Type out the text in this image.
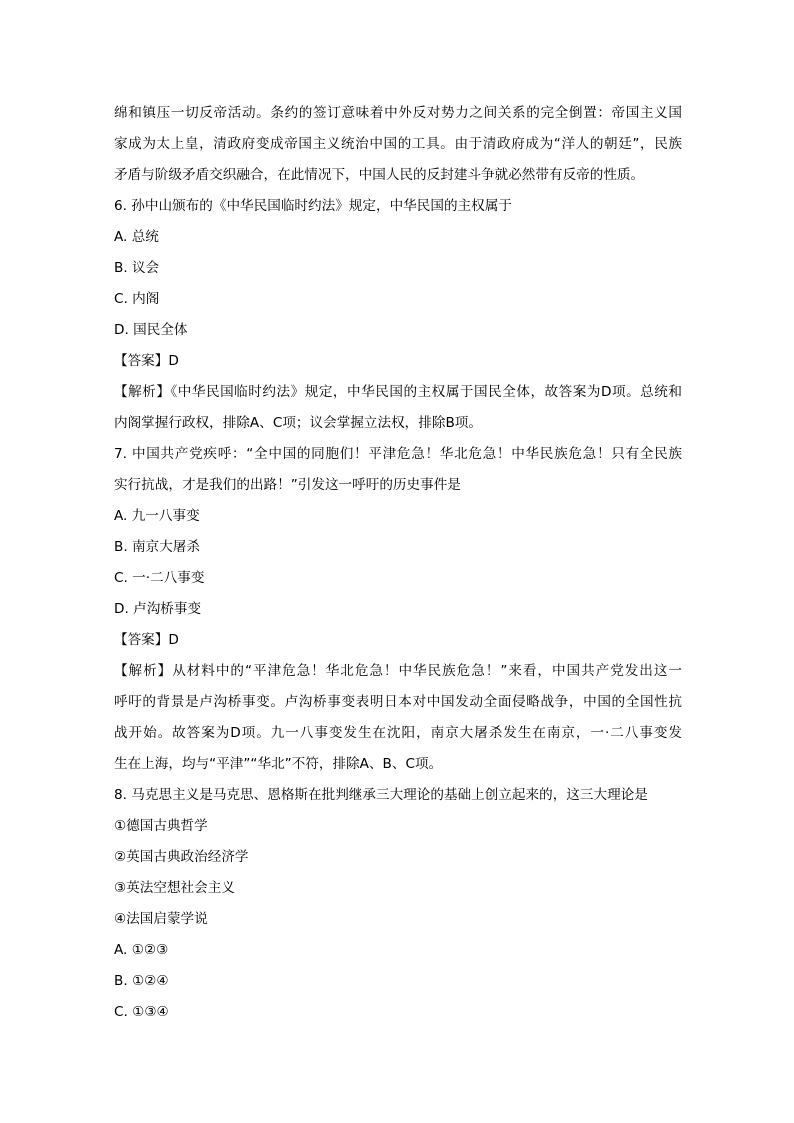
绵和镇压一切反帝活动。条约的签订意味着中外反对势力之间关系的完全倒置：帝国主义国
家成为太上皇，清政府变成帝国主义统治中国的工具。由于清政府成为“洋人的朝廷”，民族
矛盾与阶级矛盾交织融合，在此情况下，中国人民的反封建斗争就必然带有反帝的性质。
6. 孙中山颁布的《中华民国临时约法》规定，中华民国的主权属于
A. 总统
B. 议会
C. 内阁
D. 国民全体
【答案】D
【解析】《中华民国临时约法》规定，中华民国的主权属于国民全体，故答案为D项。总统和
内阁掌握行政权，排除A、C项；议会掌握立法权，排除B项。
7. 中国共产党疾呼：“全中国的同胞们！平津危急！华北危急！中华民族危急！只有全民族
实行抗战，才是我们的出路！”引发这一呼吁的历史事件是
A. 九一八事变
B. 南京大屠杀
C. 一·二八事变
D. 卢沟桥事变
【答案】D
【解析】从材料中的“平津危急！华北危急！中华民族危急！”来看，中国共产党发出这一
呼吁的背景是卢沟桥事变。卢沟桥事变表明日本对中国发动全面侵略战争，中国的全国性抗
战开始。故答案为D项。九一八事变发生在沈阳，南京大屠杀发生在南京，一·二八事变发
生在上海，均与“平津”“华北”不符，排除A、B、C项。
8. 马克思主义是马克思、恩格斯在批判继承三大理论的基础上创立起来的，这三大理论是
①德国古典哲学
②英国古典政治经济学
③英法空想社会主义
④法国启蒙学说
A. ①②③
B. ①②④
C. ①③④
